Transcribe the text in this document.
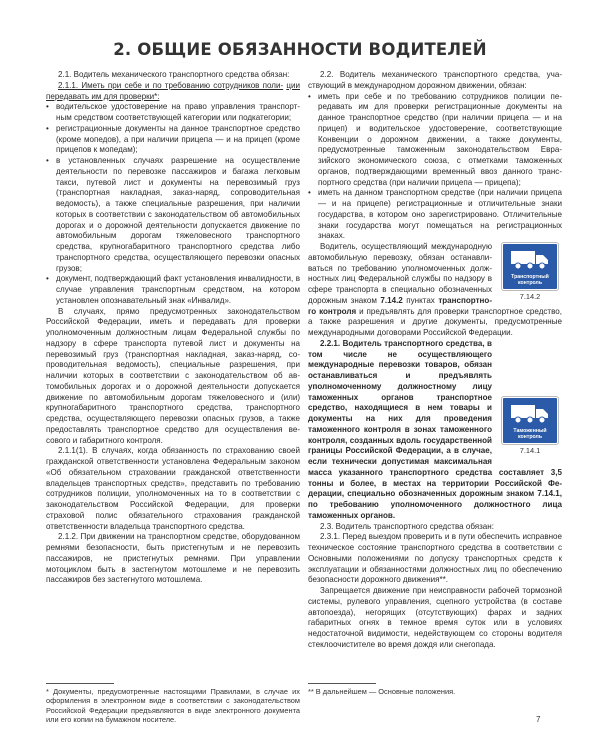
2. ОБЩИЕ ОБЯЗАННОСТИ ВОДИТЕЛЕЙ

2.1. Водитель механического транспортного средства обязан:

2.1.1. Иметь при себе и по требованию сотрудников поли- ции передавать им для проверки*:

• водительское удостоверение на право управления транспортным средством соответствующей категории или подкатегории;

• регистрационные документы на данное транспортное средство (кроме мопедов), а при наличии прицепа — и на прицеп (кроме прицепов к мопедам);

• в установленных случаях разрешение на осуществление деятельности по перевозке пассажиров и багажа легковым такси, путевой лист и документы на перевозимый груз (транспортная накладная, заказ-наряд, сопроводительная ведомость), а также специальные разрешения, при наличии которых в соответствии с законодательством об автомобильных дорогах и о дорожной деятельности допускается движение по автомобильным дорогам тяжеловесного транспортного средства, крупногабаритного транспортного средства либо транспортного средства, осуществляющего перевозки опасных грузов;

• документ, подтверждающий факт установления инвалидности, в случае управления транспортным средством, на котором установлен опознавательный знак «Инвалид».

В случаях, прямо предусмотренных законодательством Российской Федерации, иметь и передавать для проверки уполномоченным должностным лицам Федеральной службы по надзору в сфере транспорта путевой лист и документы на перевозимый груз (транспортная накладная, заказ-наряд, сопроводительная ведомость), специальные разрешения, при наличии которых в соответствии с законодательством об автомобильных дорогах и о дорожной деятельности допускается движение по автомобильным дорогам тяжеловесного и (или) крупногабаритного транспортного средства, транспортного средства, осуществляющего перевозки опасных грузов, а также предоставлять транспортное средство для осуществления весового и габаритного контроля.

2.1.1(1). В случаях, когда обязанность по страхованию своей гражданской ответственности установлена Федеральным законом «Об обязательном страховании гражданской ответственности владельцев транспортных средств», представить по требованию сотрудников полиции, уполномоченных на то в соответствии с законодательством Российской Федерации, для проверки страховой полис обязательного страхования гражданской ответственности владельца транспортного средства.

2.1.2. При движении на транспортном средстве, оборудованном ремнями безопасности, быть пристегнутым и не перевозить пассажиров, не пристегнутых ремнями. При управлении мотоциклом быть в застегнутом мотошлеме и не перевозить пассажиров без застегнутого мотошлема.

* Документы, предусмотренные настоящими Правилами, в случае их оформления в электронном виде в соответствии с законодательством Российской Федерации предъявляются в виде электронного документа или его копии на бумажном носителе.

2.2. Водитель механического транспортного средства, участвующий в международном дорожном движении, обязан:

• иметь при себе и по требованию сотрудников полиции передавать им для проверки регистрационные документы на данное транспортное средство (при наличии прицепа — и на прицеп) и водительское удостоверение, соответствующие Конвенции о дорожном движении, а также документы, предусмотренные таможенным законодательством Евразийского экономического союза, с отметками таможенных органов, подтверждающими временный ввоз данного транспортного средства (при наличии прицепа — прицепа);

• иметь на данном транспортном средстве (при наличии прицепа — и на прицепе) регистрационные и отличительные знаки государства, в котором оно зарегистрировано. Отличительные знаки государства могут помещаться на регистрационных знаках.

Транспортный контроль
7.14.2

Водитель, осуществляющий международную автомобильную перевозку, обязан останавливаться по требованию уполномоченных должностных лиц Федеральной службы по надзору в сфере транспорта в специально обозначенных дорожным знаком 7.14.2 пунктах транспортного контроля и предъявлять для проверки транспортное средство, а также разрешения и другие документы, предусмотренные международными договорами Российской Федерации.

Таможенный контроль
7.14.1

2.2.1. Водитель транспортного средства, в том числе не осуществляющего международные перевозки товаров, обязан останавливаться и предъявлять уполномоченному должностному лицу таможенных органов транспортное средство, находящиеся в нем товары и документы на них для проведения таможенного контроля в зонах таможенного контроля, созданных вдоль государственной границы Российской Федерации, а в случае, если технически допустимая максимальная масса указанного транспортного средства составляет 3,5 тонны и более, в местах на территории Российской Федерации, специально обозначенных дорожным знаком 7.14.1, по требованию уполномоченного должностного лица таможенных органов.

2.3. Водитель транспортного средства обязан:

2.3.1. Перед выездом проверить и в пути обеспечить исправное техническое состояние транспортного средства в соответствии с Основными положениями по допуску транспортных средств к эксплуатации и обязанностями должностных лиц по обеспечению безопасности дорожного движения**.

Запрещается движение при неисправности рабочей тормозной системы, рулевого управления, сцепного устройства (в составе автопоезда), негорящих (отсутствующих) фарах и задних габаритных огнях в темное время суток или в условиях недостаточной видимости, недействующем со стороны водителя стеклоочистителе во время дождя или снегопада.

** В дальнейшем — Основные положения.
7
